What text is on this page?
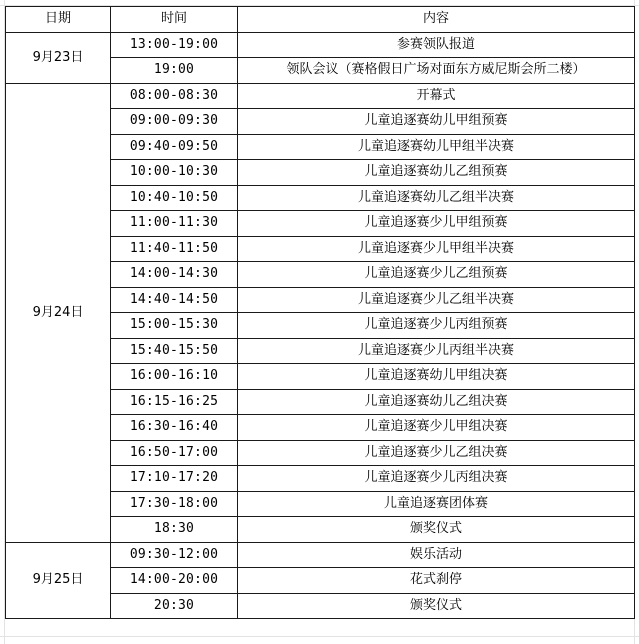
日期	时间	内容
9月23日	13:00-19:00	参赛领队报道
	19:00	领队会议（赛格假日广场对面东方威尼斯会所二楼）
9月24日	08:00-08:30	开幕式
	09:00-09:30	儿童追逐赛幼儿甲组预赛
	09:40-09:50	儿童追逐赛幼儿甲组半决赛
	10:00-10:30	儿童追逐赛幼儿乙组预赛
	10:40-10:50	儿童追逐赛幼儿乙组半决赛
	11:00-11:30	儿童追逐赛少儿甲组预赛
	11:40-11:50	儿童追逐赛少儿甲组半决赛
	14:00-14:30	儿童追逐赛少儿乙组预赛
	14:40-14:50	儿童追逐赛少儿乙组半决赛
	15:00-15:30	儿童追逐赛少儿丙组预赛
	15:40-15:50	儿童追逐赛少儿丙组半决赛
	16:00-16:10	儿童追逐赛幼儿甲组决赛
	16:15-16:25	儿童追逐赛幼儿乙组决赛
	16:30-16:40	儿童追逐赛少儿甲组决赛
	16:50-17:00	儿童追逐赛少儿乙组决赛
	17:10-17:20	儿童追逐赛少儿丙组决赛
	17:30-18:00	儿童追逐赛团体赛
	18:30	颁奖仪式
9月25日	09:30-12:00	娱乐活动
	14:00-20:00	花式刹停
	20:30	颁奖仪式
